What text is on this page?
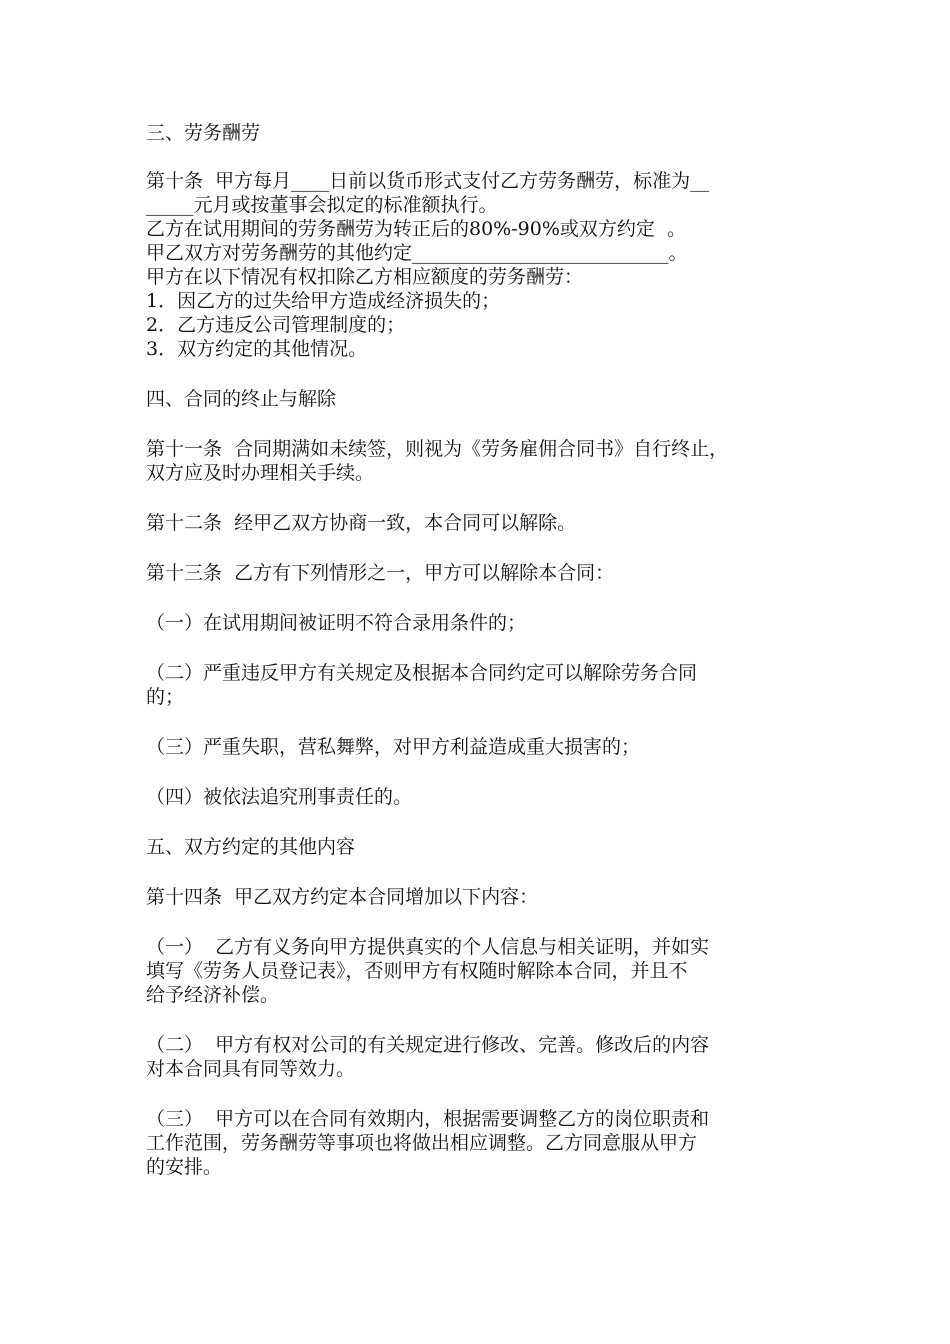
三、劳务酬劳
第十条  甲方每月____日前以货币形式支付乙方劳务酬劳，标准为__
_____元月或按董事会拟定的标准额执行。
乙方在试用期间的劳务酬劳为转正后的80%-90%或双方约定  。
甲乙双方对劳务酬劳的其他约定___________________________。
甲方在以下情况有权扣除乙方相应额度的劳务酬劳：
1．因乙方的过失给甲方造成经济损失的；
2．乙方违反公司管理制度的；
3．双方约定的其他情况。
四、合同的终止与解除
第十一条  合同期满如未续签，则视为《劳务雇佣合同书》自行终止，
双方应及时办理相关手续。
第十二条  经甲乙双方协商一致，本合同可以解除。
第十三条  乙方有下列情形之一，甲方可以解除本合同：
（一）在试用期间被证明不符合录用条件的；
（二）严重违反甲方有关规定及根据本合同约定可以解除劳务合同
的；
（三）严重失职，营私舞弊，对甲方利益造成重大损害的；
（四）被依法追究刑事责任的。
五、双方约定的其他内容
第十四条  甲乙双方约定本合同增加以下内容：
（一）  乙方有义务向甲方提供真实的个人信息与相关证明，并如实
填写《劳务人员登记表》，否则甲方有权随时解除本合同，并且不
给予经济补偿。
（二）  甲方有权对公司的有关规定进行修改、完善。修改后的内容
对本合同具有同等效力。
（三）  甲方可以在合同有效期内，根据需要调整乙方的岗位职责和
工作范围，劳务酬劳等事项也将做出相应调整。乙方同意服从甲方
的安排。
